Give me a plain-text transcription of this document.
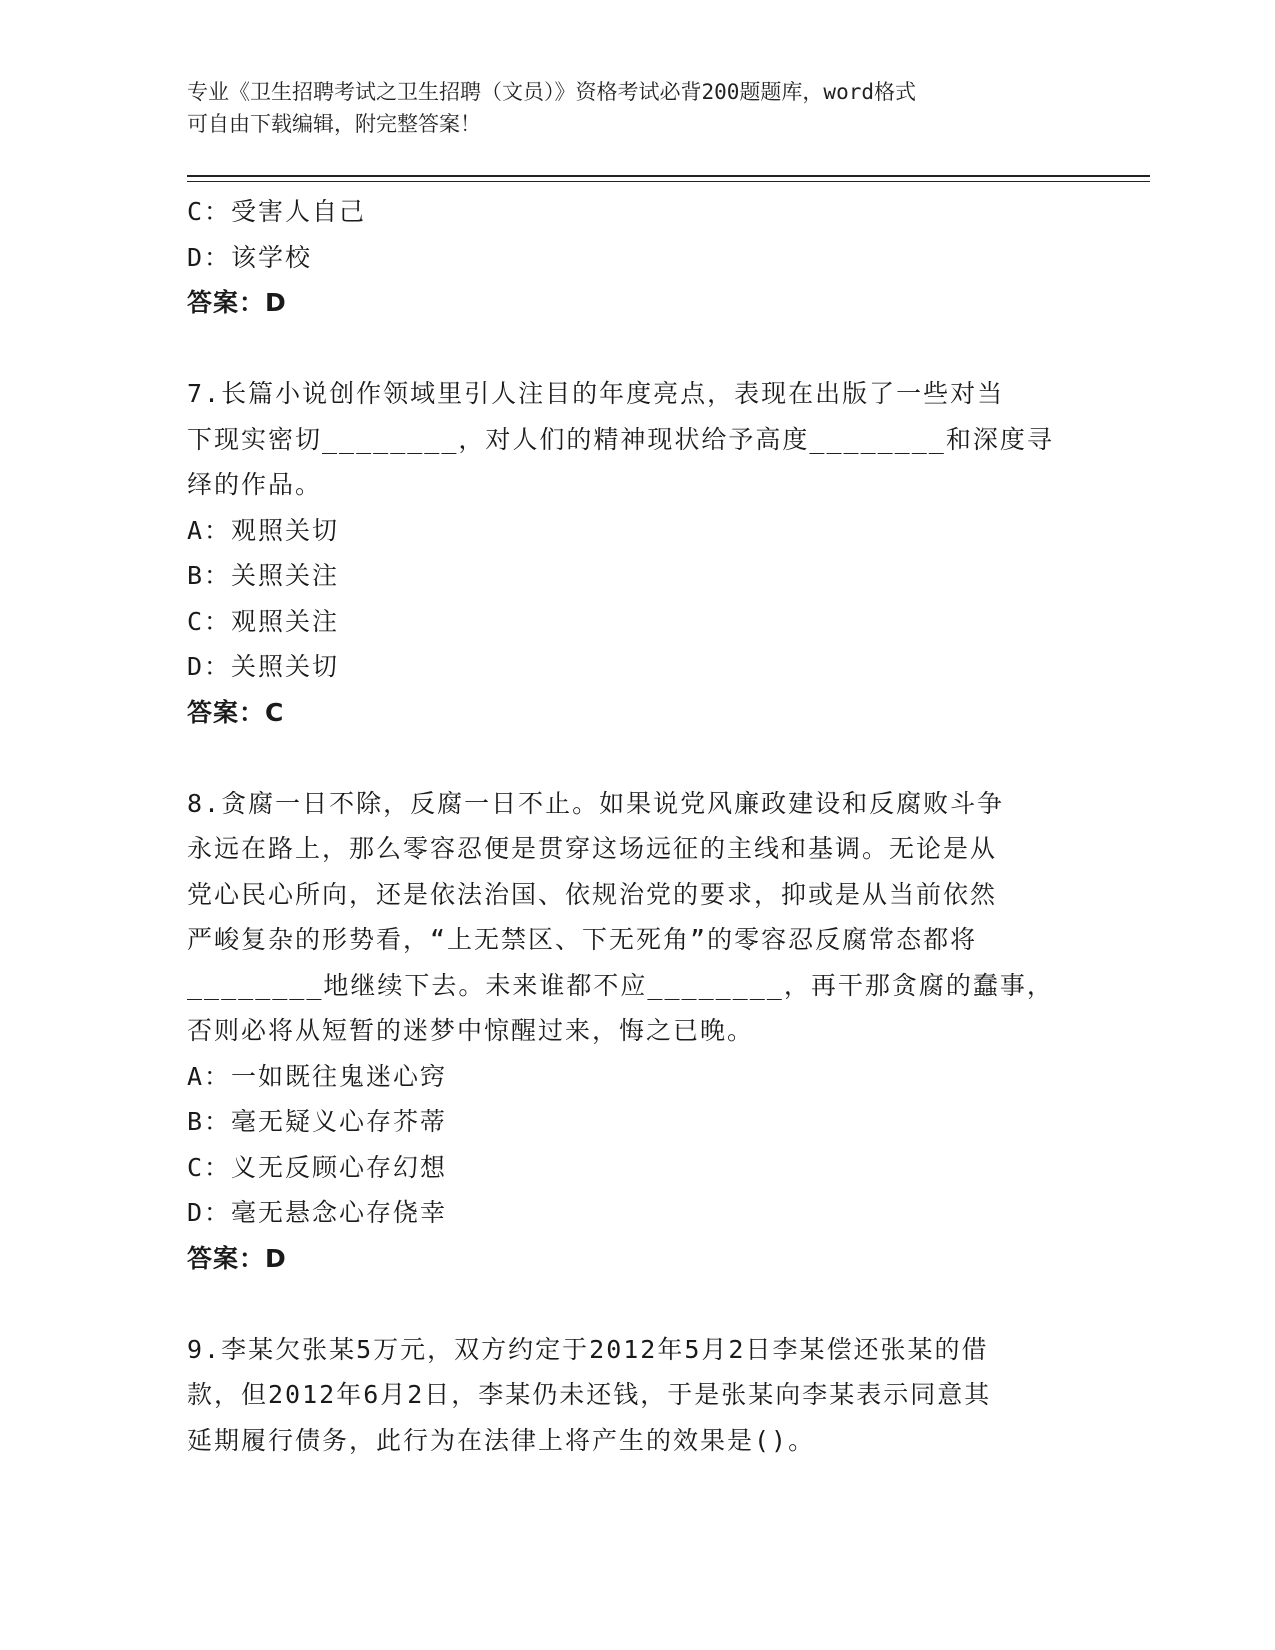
专业《卫生招聘考试之卫生招聘（文员）》资格考试必背200题题库，word格式
可自由下载编辑，附完整答案！
C：受害人自己
D：该学校
答案：D
7.长篇小说创作领域里引人注目的年度亮点，表现在出版了一些对当
下现实密切________，对人们的精神现状给予高度________和深度寻
绎的作品。
A：观照关切
B：关照关注
C：观照关注
D：关照关切
答案：C
8.贪腐一日不除，反腐一日不止。如果说党风廉政建设和反腐败斗争
永远在路上，那么零容忍便是贯穿这场远征的主线和基调。无论是从
党心民心所向，还是依法治国、依规治党的要求，抑或是从当前依然
严峻复杂的形势看，“上无禁区、下无死角”的零容忍反腐常态都将
________地继续下去。未来谁都不应________，再干那贪腐的蠢事，
否则必将从短暂的迷梦中惊醒过来，悔之已晚。
A：一如既往鬼迷心窍
B：毫无疑义心存芥蒂
C：义无反顾心存幻想
D：毫无悬念心存侥幸
答案：D
9.李某欠张某5万元，双方约定于2012年5月2日李某偿还张某的借
款，但2012年6月2日，李某仍未还钱，于是张某向李某表示同意其
延期履行债务，此行为在法律上将产生的效果是()。
